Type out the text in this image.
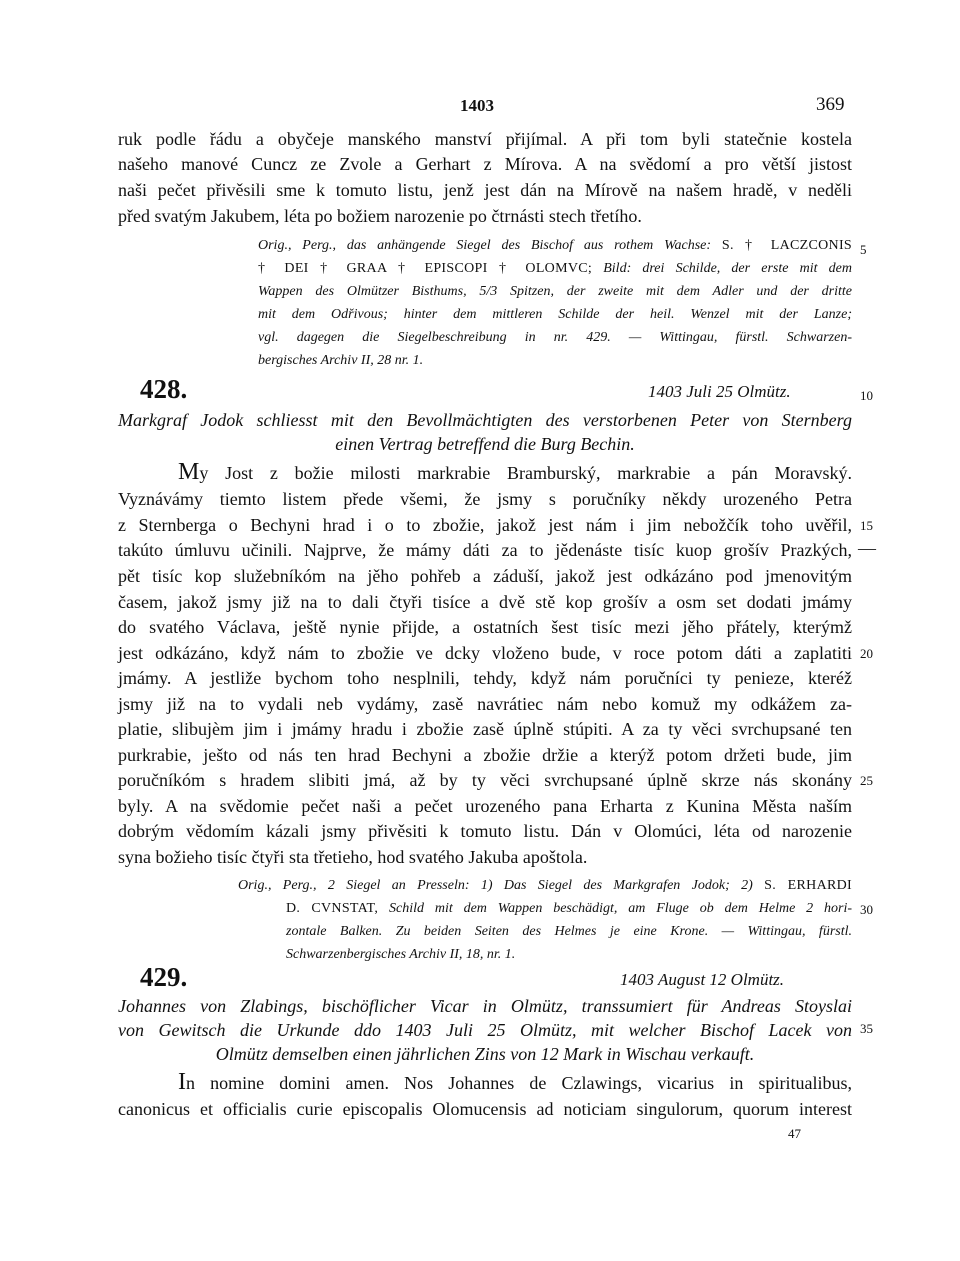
1403	369
ruk podle řádu a obyčeje manského manství přijímal. A při tom byli statečnie kostela
našeho manové Cuncz ze Zvole a Gerhart z Mírova. A na svědomí a pro větší jistost
naši pečet přivěsili sme k tomuto listu, jenž jest dán na Mírově na našem hradě, v neděli
před svatým Jakubem, léta po božiem narozenie po čtrnásti stech třetího.
Orig., Perg., das anhängende Siegel des Bischof aus rothem Wachse: S. † LACZCONIS
† DEI † GRAA † EPISCOPI † OLOMVC; Bild: drei Schilde, der erste mit dem
Wappen des Olmützer Bisthums, 5/3 Spitzen, der zweite mit dem Adler und der dritte
mit dem Odřivous; hinter dem mittleren Schilde der heil. Wenzel mit der Lanze;
vgl. dagegen die Siegelbeschreibung in nr. 429. — Wittingau, fürstl. Schwarzen-
bergisches Archiv II, 28 nr. 1.
428.	1403 Juli 25 Olmütz.
Markgraf Jodok schliesst mit den Bevollmächtigten des verstorbenen Peter von Sternberg
einen Vertrag betreffend die Burg Bechin.
My Jost z božie milosti markrabie Bramburský, markrabie a pán Moravský.
Vyznávámy tiemto listem přede všemi, že jsmy s poručníky někdy urozeného Petra
z Sternberga o Bechyni hrad i o to zbožie, jakož jest nám i jim nebožčík toho uvěřil,
takúto úmluvu učinili. Najprve, že mámy dáti za to jědenáste tisíc kuop grošív Prazkých,
pět tisíc kop služebníkóm na jěho pohřeb a záduší, jakož jest odkázáno pod jmenovitým
časem, jakož jsmy již na to dali čtyři tisíce a dvě stě kop grošív a osm set dodati jmámy
do svatého Václava, ještě nynie přijde, a ostatních šest tisíc mezi jěho přátely, kterýmž
jest odkázáno, když nám to zbožie ve dcky vloženo bude, v roce potom dáti a zaplatiti
jmámy. A jestliže bychom toho nesplnili, tehdy, když nám poručníci ty penieze, kteréž
jsmy již na to vydali neb vydámy, zasě navrátiec nám nebo komuž my odkážem za-
platie, slibujèm jim i jmámy hradu i zbožie zasě úplně stúpiti. A za ty věci svrchupsané ten
purkrabie, ješto od nás ten hrad Bechyni a zbožie držie a kterýž potom držeti bude, jim
poručníkóm s hradem slibiti jmá, až by ty věci svrchupsané úplně skrze nás skonány
byly. A na svědomie pečet naši a pečet urozeného pana Erharta z Kunina Města naším
dobrým vědomím kázali jsmy přivěsiti k tomuto listu. Dán v Olomúci, léta od narozenie
syna božieho tisíc čtyři sta třetieho, hod svatého Jakuba apoštola.
Orig., Perg., 2 Siegel an Presseln: 1) Das Siegel des Markgrafen Jodok; 2) S. ERHARDI
D. CVNSTAT, Schild mit dem Wappen beschädigt, am Fluge ob dem Helme 2 hori-
zontale Balken. Zu beiden Seiten des Helmes je eine Krone. — Wittingau, fürstl.
Schwarzenbergisches Archiv II, 18, nr. 1.
429.	1403 August 12 Olmütz.
Johannes von Zlabings, bischöflicher Vicar in Olmütz, transsumiert für Andreas Stoyslai
von Gewitsch die Urkunde ddo 1403 Juli 25 Olmütz, mit welcher Bischof Lacek von
Olmütz demselben einen jährlichen Zins von 12 Mark in Wischau verkauft.
In nomine domini amen. Nos Johannes de Czlawings, vicarius in spiritualibus,
canonicus et officialis curie episcopalis Olomucensis ad noticiam singulorum, quorum interest
5
10
15
—
20
25
30
35
47
